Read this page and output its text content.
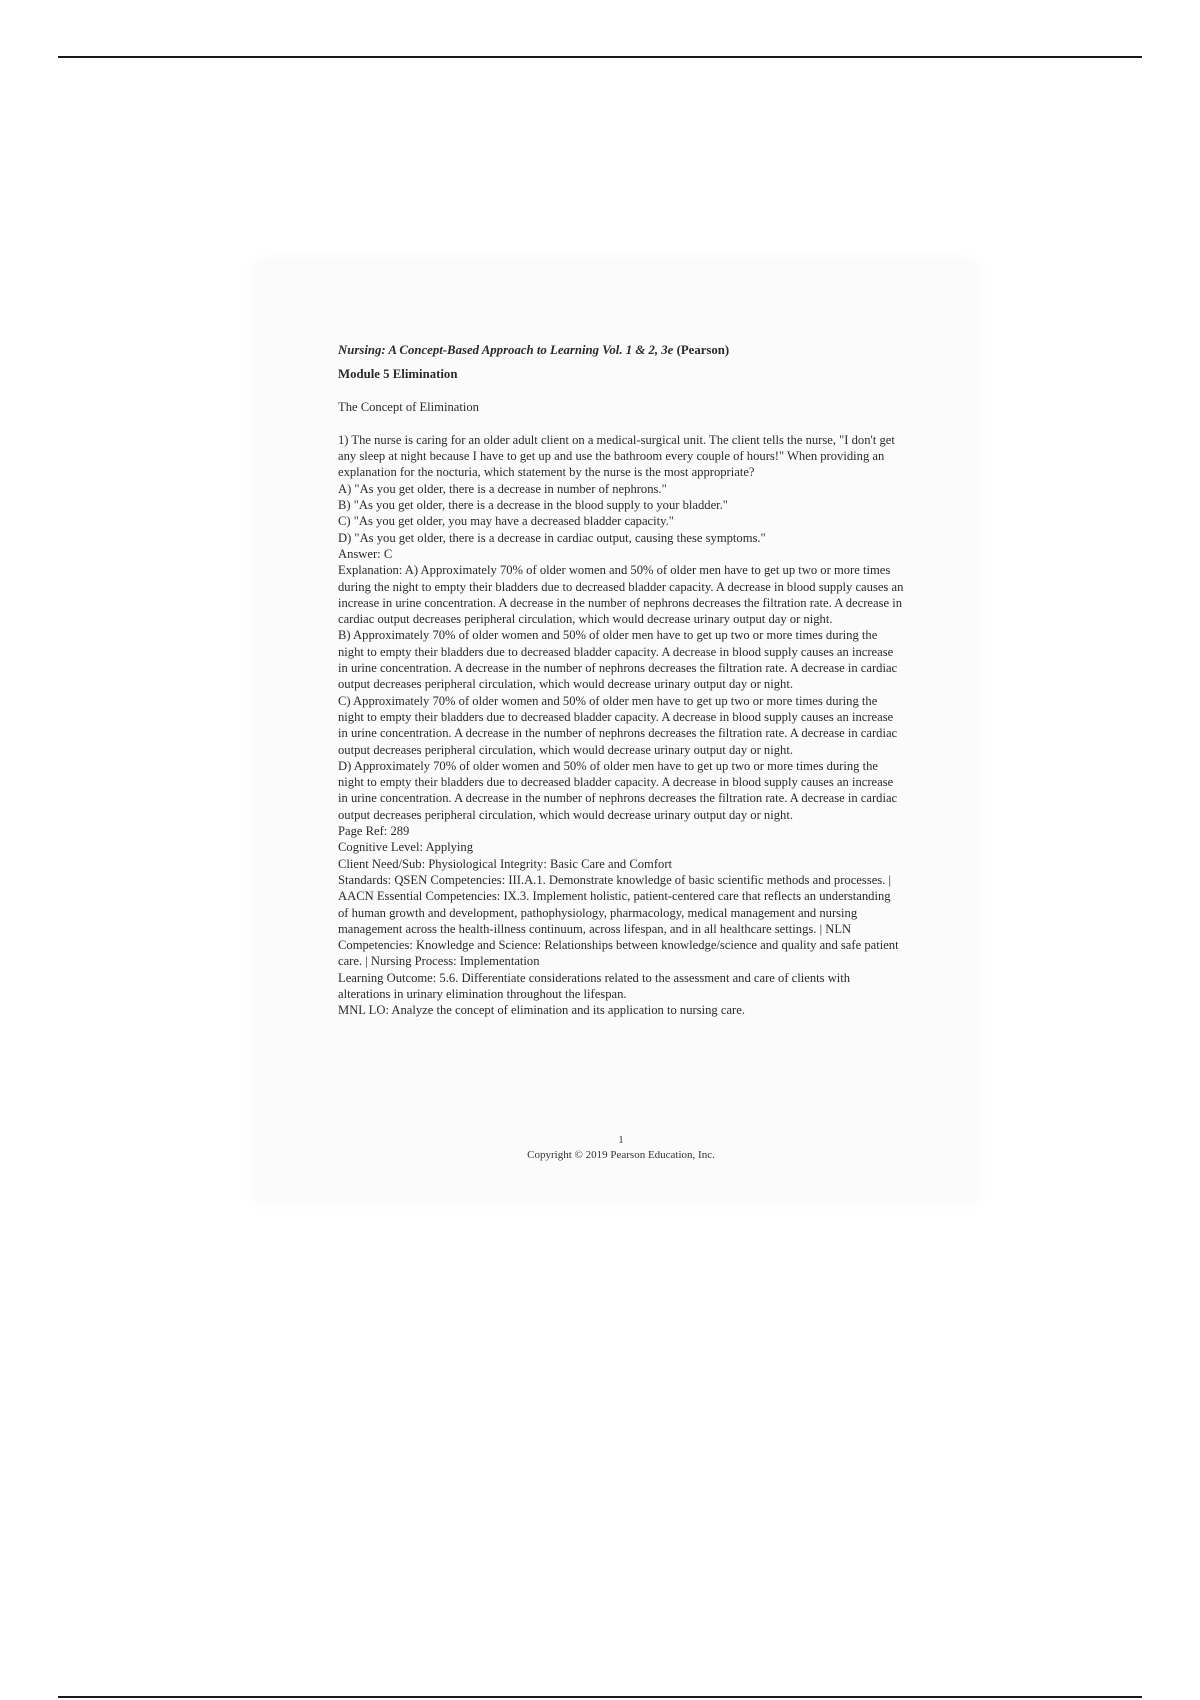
Nursing: A Concept-Based Approach to Learning Vol. 1 & 2, 3e (Pearson)

Module 5 Elimination

The Concept of Elimination

1) The nurse is caring for an older adult client on a medical-surgical unit. The client tells the nurse, "I don't get any sleep at night because I have to get up and use the bathroom every couple of hours!" When providing an explanation for the nocturia, which statement by the nurse is the most appropriate?

A) "As you get older, there is a decrease in number of nephrons."

B) "As you get older, there is a decrease in the blood supply to your bladder."

C) "As you get older, you may have a decreased bladder capacity."

D) "As you get older, there is a decrease in cardiac output, causing these symptoms."

Answer: C

Explanation: A) Approximately 70% of older women and 50% of older men have to get up two or more times during the night to empty their bladders due to decreased bladder capacity. A decrease in blood supply causes an increase in urine concentration. A decrease in the number of nephrons decreases the filtration rate. A decrease in cardiac output decreases peripheral circulation, which would decrease urinary output day or night.

B) Approximately 70% of older women and 50% of older men have to get up two or more times during the night to empty their bladders due to decreased bladder capacity. A decrease in blood supply causes an increase in urine concentration. A decrease in the number of nephrons decreases the filtration rate. A decrease in cardiac output decreases peripheral circulation, which would decrease urinary output day or night.

C) Approximately 70% of older women and 50% of older men have to get up two or more times during the night to empty their bladders due to decreased bladder capacity. A decrease in blood supply causes an increase in urine concentration. A decrease in the number of nephrons decreases the filtration rate. A decrease in cardiac output decreases peripheral circulation, which would decrease urinary output day or night.

D) Approximately 70% of older women and 50% of older men have to get up two or more times during the night to empty their bladders due to decreased bladder capacity. A decrease in blood supply causes an increase in urine concentration. A decrease in the number of nephrons decreases the filtration rate. A decrease in cardiac output decreases peripheral circulation, which would decrease urinary output day or night.

Page Ref: 289

Cognitive Level: Applying

Client Need/Sub: Physiological Integrity: Basic Care and Comfort

Standards: QSEN Competencies: III.A.1. Demonstrate knowledge of basic scientific methods and processes. | AACN Essential Competencies: IX.3. Implement holistic, patient-centered care that reflects an understanding of human growth and development, pathophysiology, pharmacology, medical management and nursing management across the health-illness continuum, across lifespan, and in all healthcare settings. | NLN Competencies: Knowledge and Science: Relationships between knowledge/science and quality and safe patient care. | Nursing Process: Implementation

Learning Outcome: 5.6. Differentiate considerations related to the assessment and care of clients with alterations in urinary elimination throughout the lifespan.

MNL LO: Analyze the concept of elimination and its application to nursing care.

1
Copyright © 2019 Pearson Education, Inc.
